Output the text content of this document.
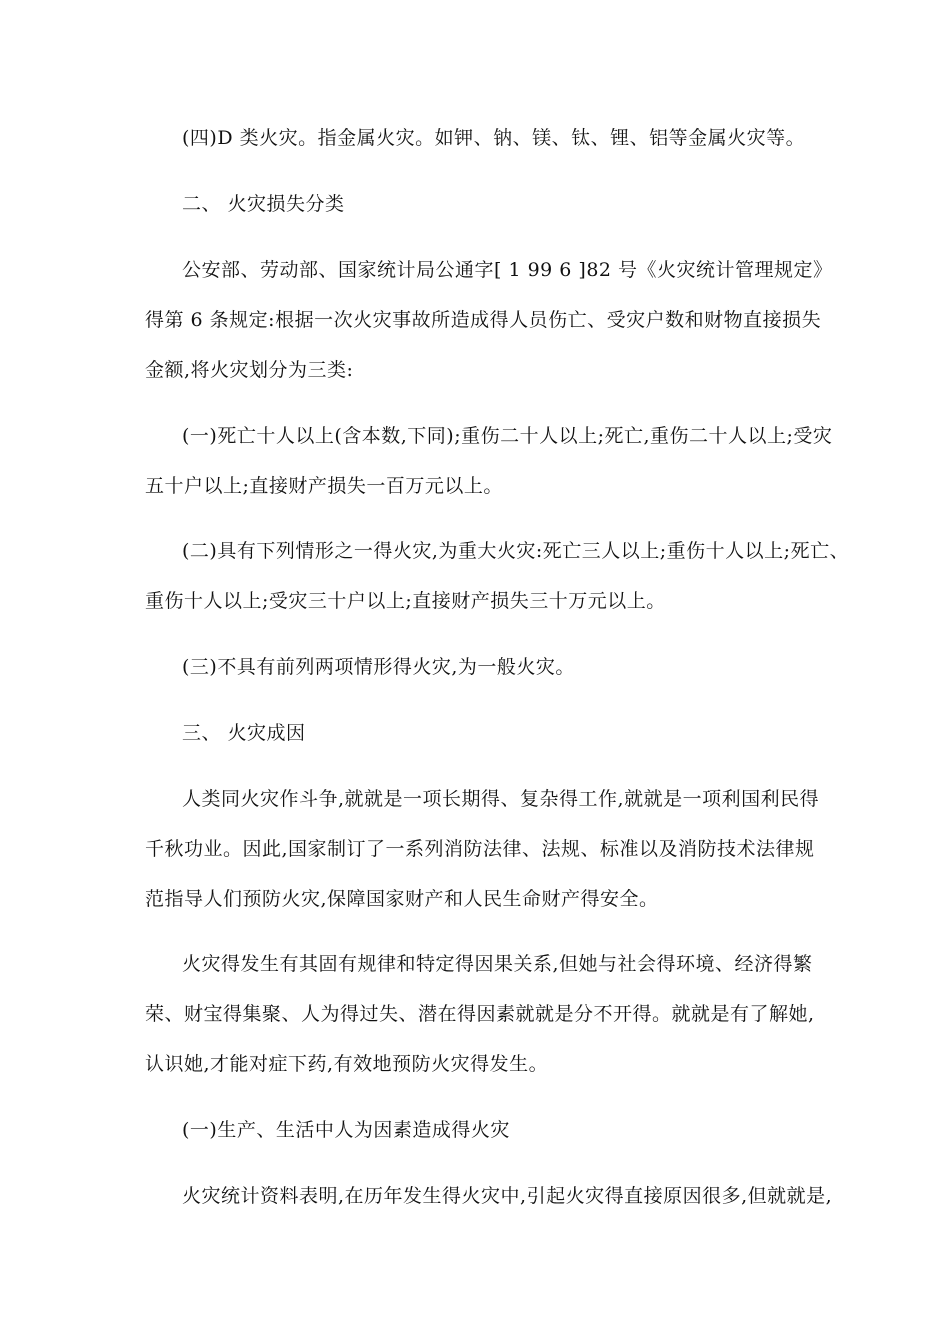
(四)D 类火灾。指金属火灾。如钾、钠、镁、钛、锂、铝等金属火灾等。
二、 火灾损失分类
公安部、劳动部、国家统计局公通字[ 1 99 6 ]82 号《火灾统计管理规定》
得第 6 条规定:根据一次火灾事故所造成得人员伤亡、受灾户数和财物直接损失
金额,将火灾划分为三类:
(一)死亡十人以上(含本数,下同);重伤二十人以上;死亡,重伤二十人以上;受灾
五十户以上;直接财产损失一百万元以上。
(二)具有下列情形之一得火灾,为重大火灾:死亡三人以上;重伤十人以上;死亡、
重伤十人以上;受灾三十户以上;直接财产损失三十万元以上。
(三)不具有前列两项情形得火灾,为一般火灾。
三、 火灾成因
人类同火灾作斗争,就就是一项长期得、复杂得工作,就就是一项利国利民得
千秋功业。因此,国家制订了一系列消防法律、法规、标准以及消防技术法律规
范指导人们预防火灾,保障国家财产和人民生命财产得安全。
火灾得发生有其固有规律和特定得因果关系,但她与社会得环境、经济得繁
荣、财宝得集聚、人为得过失、潜在得因素就就是分不开得。就就是有了解她,
认识她,才能对症下药,有效地预防火灾得发生。
(一)生产、生活中人为因素造成得火灾
火灾统计资料表明,在历年发生得火灾中,引起火灾得直接原因很多,但就就是,
